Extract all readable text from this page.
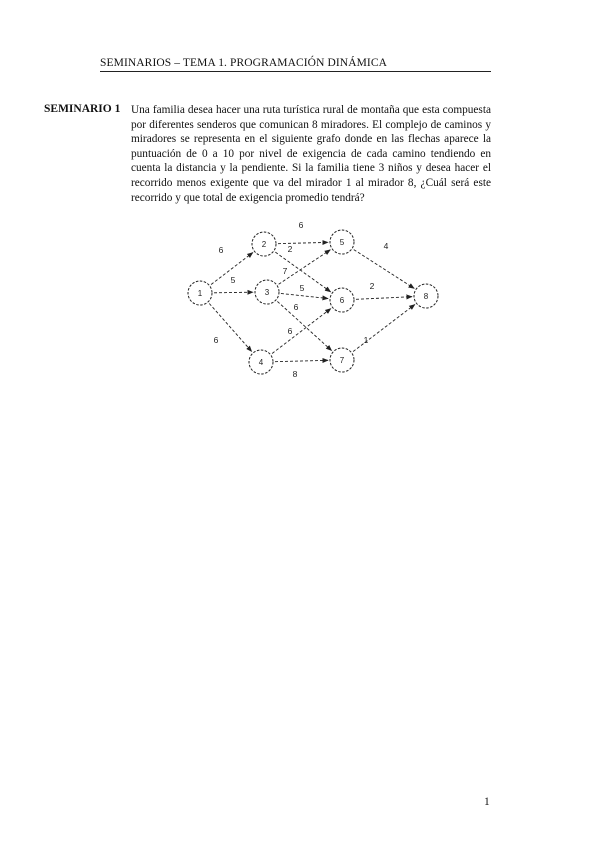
SEMINARIOS – TEMA 1. PROGRAMACIÓN DINÁMICA
SEMINARIO 1 Una familia desea hacer una ruta turística rural de montaña que esta compuesta por diferentes senderos que comunican 8 miradores. El complejo de caminos y miradores se representa en el siguiente grafo donde en las flechas aparece la puntuación de 0 a 10 por nivel de exigencia de cada camino tendiendo en cuenta la distancia y la pendiente. Si la familia tiene 3 niños y desea hacer el recorrido menos exigente que va del mirador 1 al mirador 8, ¿Cuál será este recorrido y que total de exigencia promedio tendrá?
6
5
6
6
2
7
5
6
6
8
4
2
1
1
2
3
4
5
6
7
8
1
